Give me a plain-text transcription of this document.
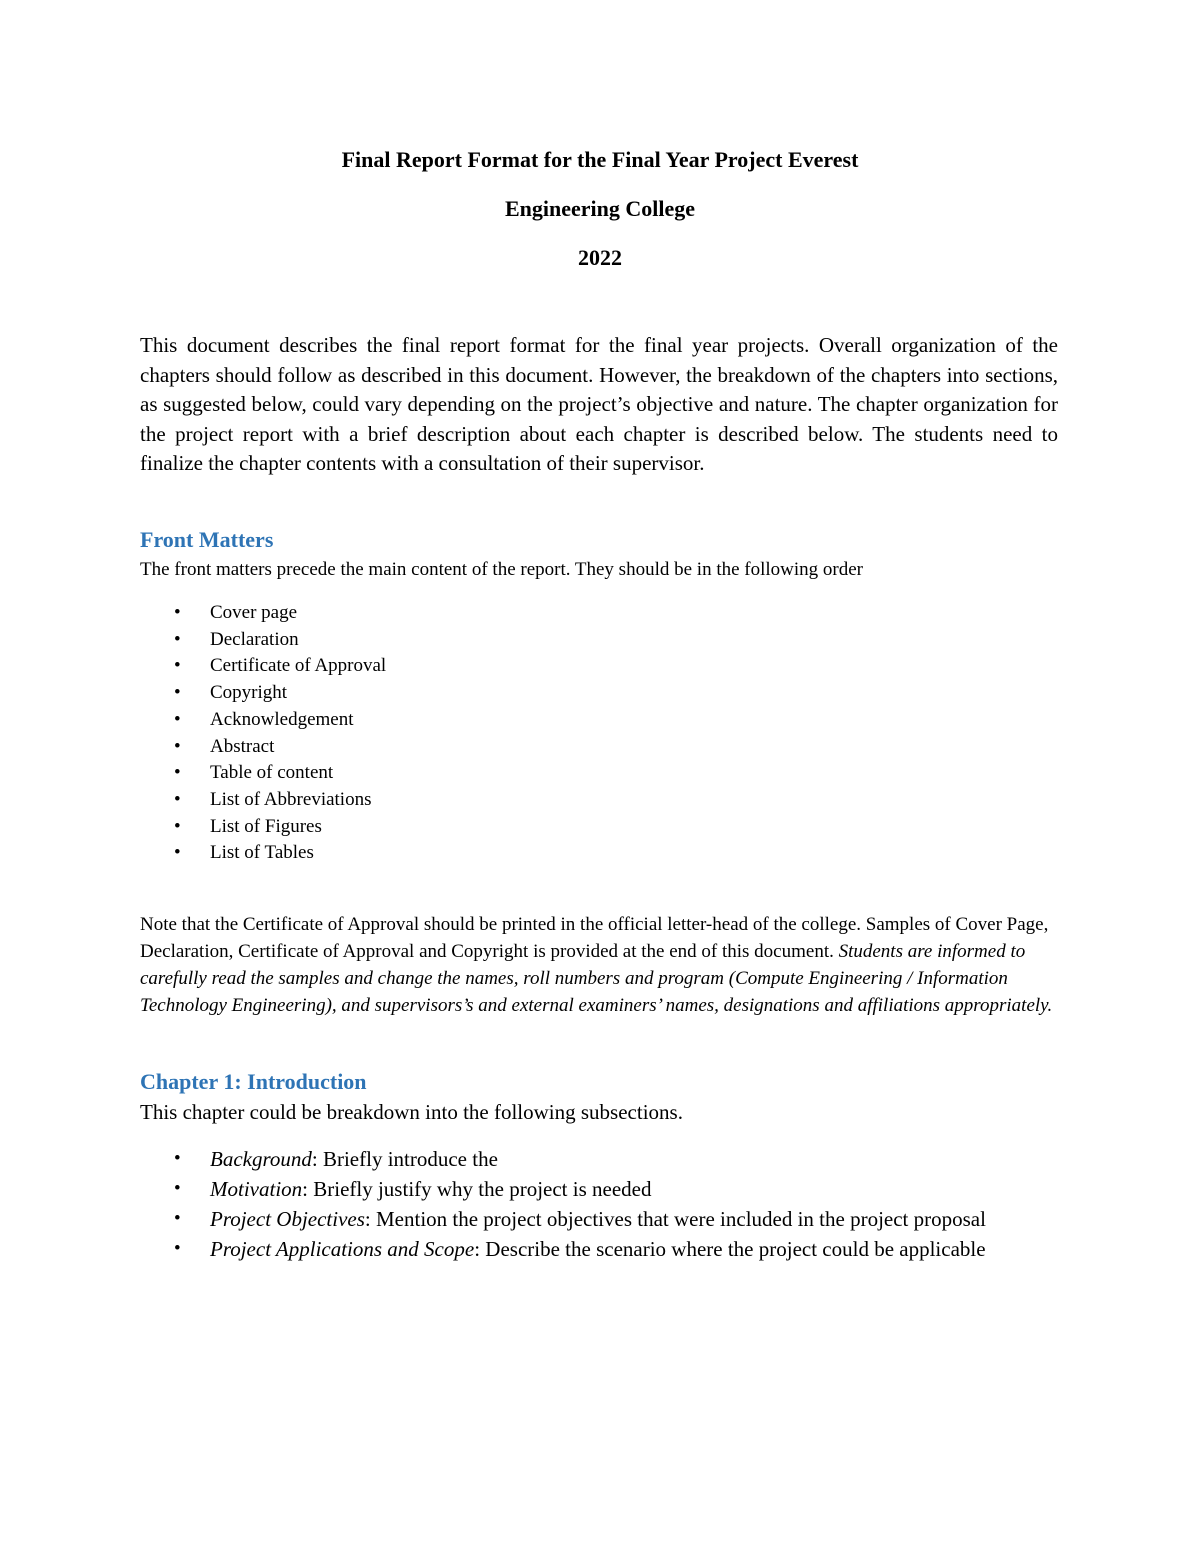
Final Report Format for the Final Year Project Everest
Engineering College
2022
This document describes the final report format for the final year projects. Overall organization of the chapters should follow as described in this document. However, the breakdown of the chapters into sections, as suggested below, could vary depending on the project’s objective and nature. The chapter organization for the project report with a brief description about each chapter is described below. The students need to finalize the chapter contents with a consultation of their supervisor.
Front Matters
The front matters precede the main content of the report. They should be in the following order
• Cover page
• Declaration
• Certificate of Approval
• Copyright
• Acknowledgement
• Abstract
• Table of content
• List of Abbreviations
• List of Figures
• List of Tables
Note that the Certificate of Approval should be printed in the official letter-head of the college. Samples of Cover Page, Declaration, Certificate of Approval and Copyright is provided at the end of this document. Students are informed to carefully read the samples and change the names, roll numbers and program (Compute Engineering / Information Technology Engineering), and supervisors’s and external examiners’ names, designations and affiliations appropriately.
Chapter 1: Introduction
This chapter could be breakdown into the following subsections.
• Background: Briefly introduce the
• Motivation: Briefly justify why the project is needed
• Project Objectives: Mention the project objectives that were included in the project proposal
• Project Applications and Scope: Describe the scenario where the project could be applicable
